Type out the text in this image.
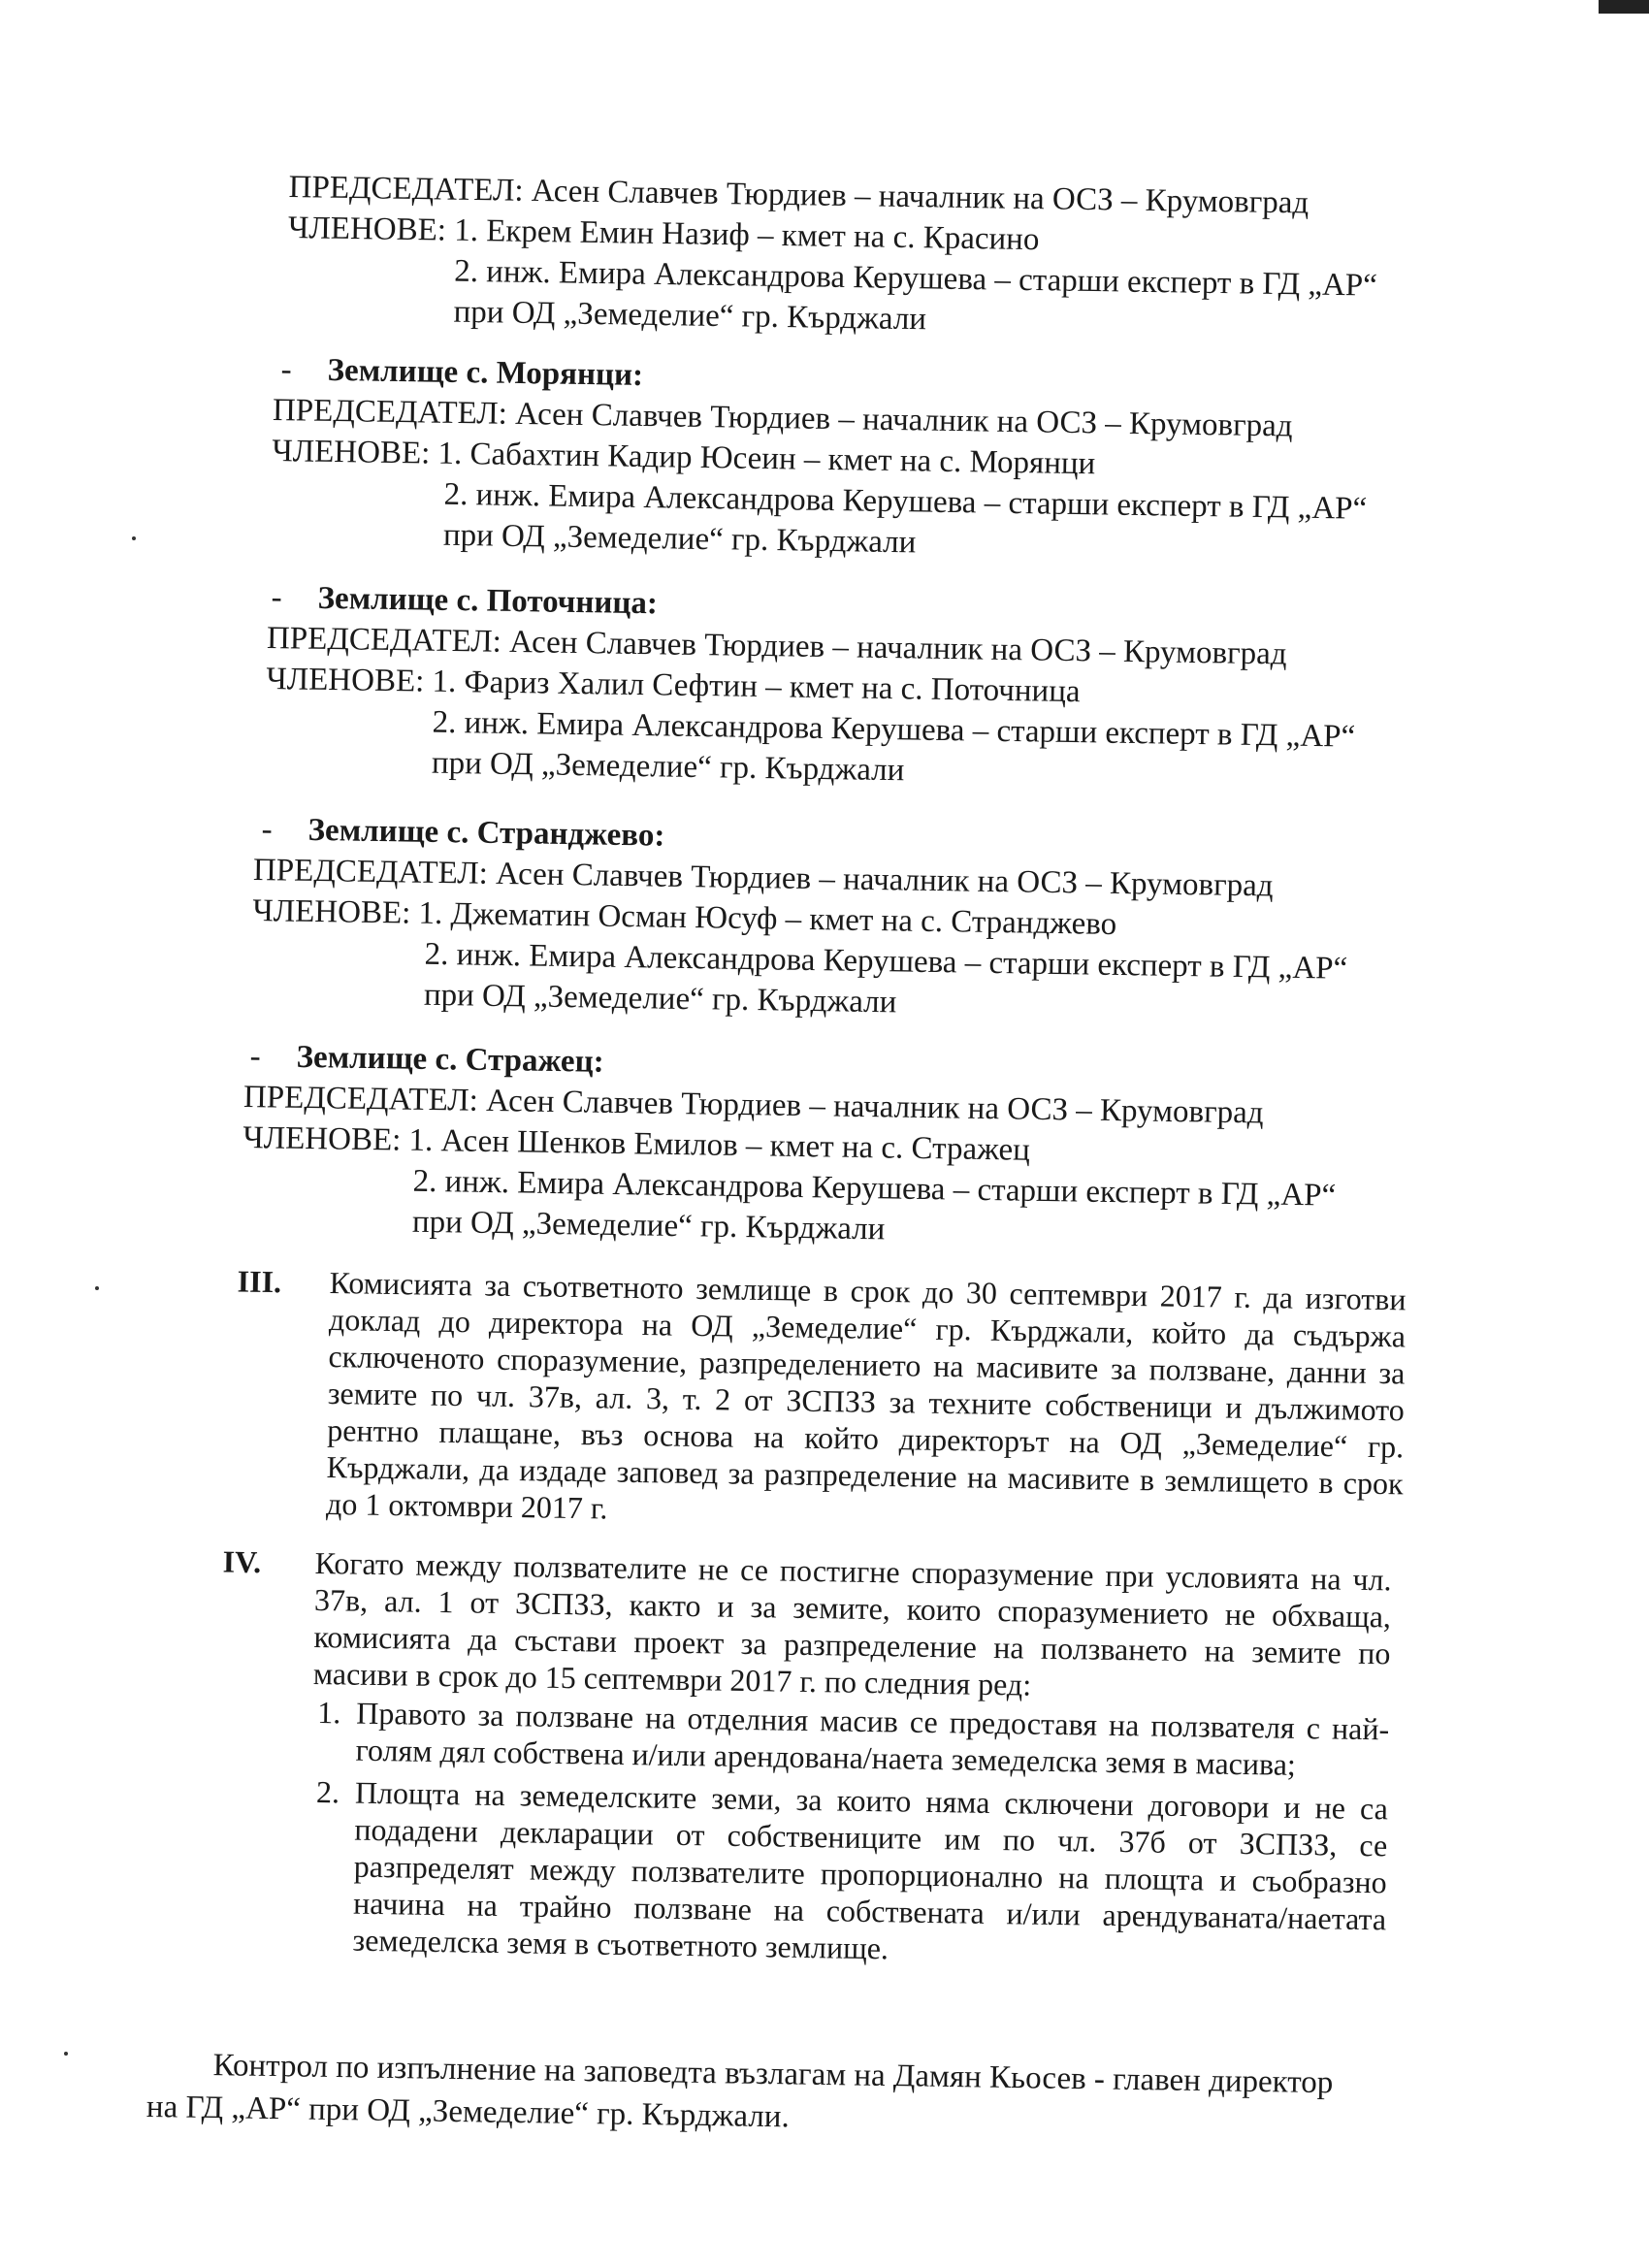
ПРЕДСЕДАТЕЛ: Асен Славчев Тюрдиев – началник на ОСЗ – Крумовград
ЧЛЕНОВЕ: 1. Екрем Емин Назиф – кмет на с. Красино
2. инж. Емира Александрова Керушева – старши експерт в ГД „АР“
при ОД „Земеделие“ гр. Кърджали
- Землище с. Морянци:
ПРЕДСЕДАТЕЛ: Асен Славчев Тюрдиев – началник на ОСЗ – Крумовград
ЧЛЕНОВЕ: 1. Сабахтин Кадир Юсеин – кмет на с. Морянци
2. инж. Емира Александрова Керушева – старши експерт в ГД „АР“
при ОД „Земеделие“ гр. Кърджали
- Землище с. Поточница:
ПРЕДСЕДАТЕЛ: Асен Славчев Тюрдиев – началник на ОСЗ – Крумовград
ЧЛЕНОВЕ: 1. Фариз Халил Сефтин – кмет на с. Поточница
2. инж. Емира Александрова Керушева – старши експерт в ГД „АР“
при ОД „Земеделие“ гр. Кърджали
- Землище с. Странджево:
ПРЕДСЕДАТЕЛ: Асен Славчев Тюрдиев – началник на ОСЗ – Крумовград
ЧЛЕНОВЕ: 1. Джематин Осман Юсуф – кмет на с. Странджево
2. инж. Емира Александрова Керушева – старши експерт в ГД „АР“
при ОД „Земеделие“ гр. Кърджали
- Землище с. Стражец:
ПРЕДСЕДАТЕЛ: Асен Славчев Тюрдиев – началник на ОСЗ – Крумовград
ЧЛЕНОВЕ: 1. Асен Шенков Емилов – кмет на с. Стражец
2. инж. Емира Александрова Керушева – старши експерт в ГД „АР“
при ОД „Земеделие“ гр. Кърджали
III. Комисията за съответното землище в срок до 30 септември 2017 г. да изготви доклад до директора на ОД „Земеделие“ гр. Кърджали, който да съдържа сключеното споразумение, разпределението на масивите за ползване, данни за земите по чл. 37в, ал. 3, т. 2 от ЗСПЗЗ за техните собственици и дължимото рентно плащане, въз основа на който директорът на ОД „Земеделие“ гр. Кърджали, да издаде заповед за разпределение на масивите в землището в срок до 1 октомври 2017 г.
IV. Когато между ползвателите не се постигне споразумение при условията на чл. 37в, ал. 1 от ЗСПЗЗ, както и за земите, които споразумението не обхваща, комисията да състави проект за разпределение на ползването на земите по масиви в срок до 15 септември 2017 г. по следния ред:
1. Правото за ползване на отделния масив се предоставя на ползвателя с най-голям дял собствена и/или арендована/наета земеделска земя в масива;
2. Площта на земеделските земи, за които няма сключени договори и не са подадени декларации от собствениците им по чл. 37б от ЗСПЗЗ, се разпределят между ползвателите пропорционално на площта и съобразно начина на трайно ползване на собствената и/или арендуваната/наетата земеделска земя в съответното землище.
Контрол по изпълнение на заповедта възлагам на Дамян Кьосев - главен директор
на ГД „АР“ при ОД „Земеделие“ гр. Кърджали.
